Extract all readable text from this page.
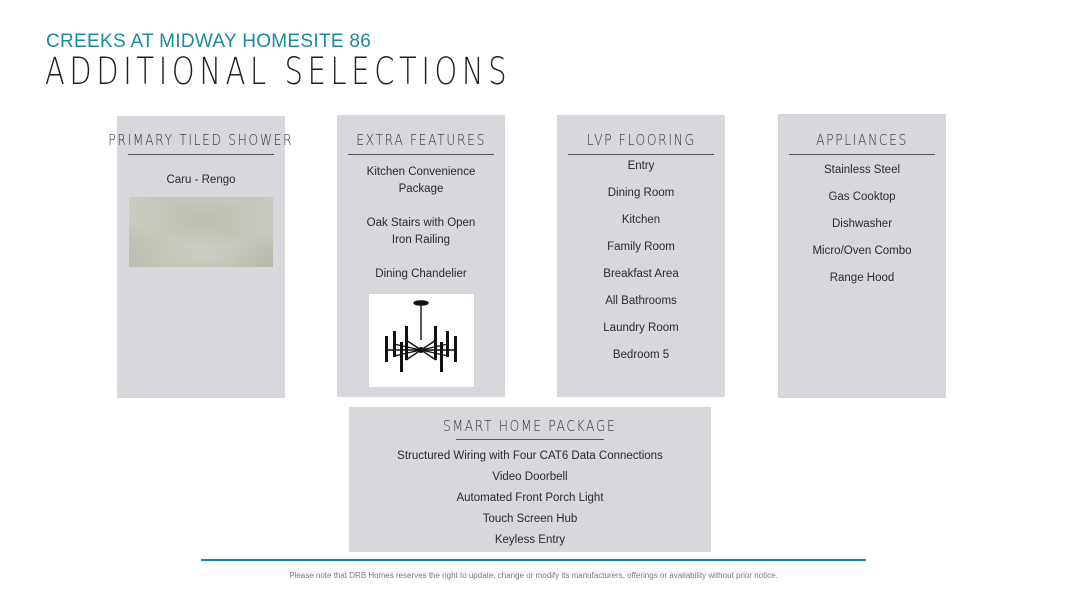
CREEKS AT MIDWAY HOMESITE 86
ADDITIONAL SELECTIONS
PRIMARY TILED SHOWER
Caru - Rengo
EXTRA FEATURES
Kitchen Convenience Package
Oak Stairs with Open Iron Railing
Dining Chandelier
LVP FLOORING
Entry
Dining Room
Kitchen
Family Room
Breakfast Area
All Bathrooms
Laundry Room
Bedroom 5
APPLIANCES
Stainless Steel
Gas Cooktop
Dishwasher
Micro/Oven Combo
Range Hood
SMART HOME PACKAGE
Structured Wiring with Four CAT6 Data Connections
Video Doorbell
Automated Front Porch Light
Touch Screen Hub
Keyless Entry
Please note that DRB Homes reserves the right to update, change or modify its manufacturers, offerings or availability without prior notice.
